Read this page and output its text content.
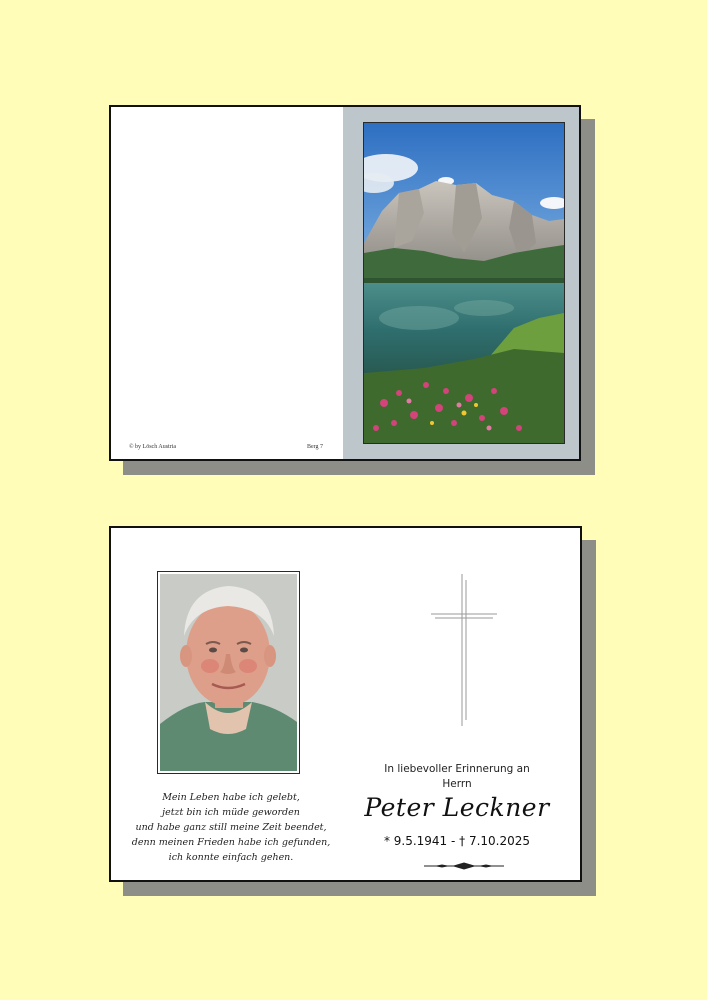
© by Lösch Austria	Berg 7
Mein Leben habe ich gelebt,
jetzt bin ich müde geworden
und habe ganz still meine Zeit beendet,
denn meinen Frieden habe ich gefunden,
ich konnte einfach gehen.
In liebevoller Erinnerung an
Herrn
Peter Leckner
* 9.5.1941 - † 7.10.2025
